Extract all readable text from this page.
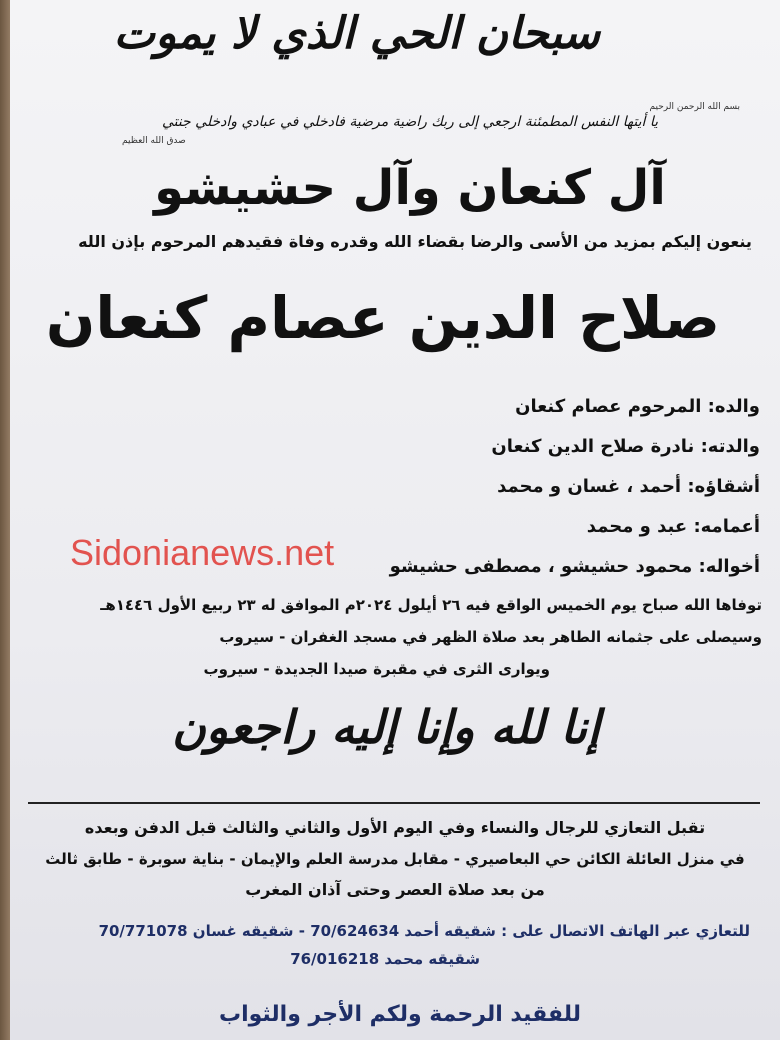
سبحان الحي الذي لا يموت
بسم الله الرحمن الرحيم
يا أيتها النفس المطمئنة ارجعي إلى ربك راضية مرضية فادخلي في عبادي وادخلي جنتي
صدق الله العظيم
آل كنعان وآل حشيشو
ينعون إليكم بمزيد من الأسى والرضا بقضاء الله وقدره وفاة فقيدهم المرحوم بإذن الله
صلاح الدين عصام كنعان
والده: المرحوم عصام كنعان
والدته: نادرة صلاح الدين كنعان
أشقاؤه: أحمد ، غسان و محمد
أعمامه: عبد و محمد
أخواله: محمود حشيشو ، مصطفى حشيشو
Sidonianews.net
توفاها الله صباح يوم الخميس الواقع فيه ٢٦ أيلول ٢٠٢٤م الموافق له ٢٣ ربيع الأول ١٤٤٦هـ
وسيصلى على جثمانه الطاهر بعد صلاة الظهر في مسجد الغفران - سيروب
ويوارى الثرى في مقبرة صيدا الجديدة - سيروب
إنا لله وإنا إليه راجعون
تقبل التعازي للرجال والنساء وفي اليوم الأول والثاني والثالث قبل الدفن وبعده
في منزل العائلة الكائن حي البعاصيري - مقابل مدرسة العلم والإيمان - بناية سوبرة - طابق ثالث
من بعد صلاة العصر وحتى آذان المغرب
للتعازي عبر الهاتف الاتصال على : شقيقه أحمد 70/624634 - شقيقه غسان 70/771078
شقيقه محمد 76/016218
للفقيد الرحمة ولكم الأجر والثواب
